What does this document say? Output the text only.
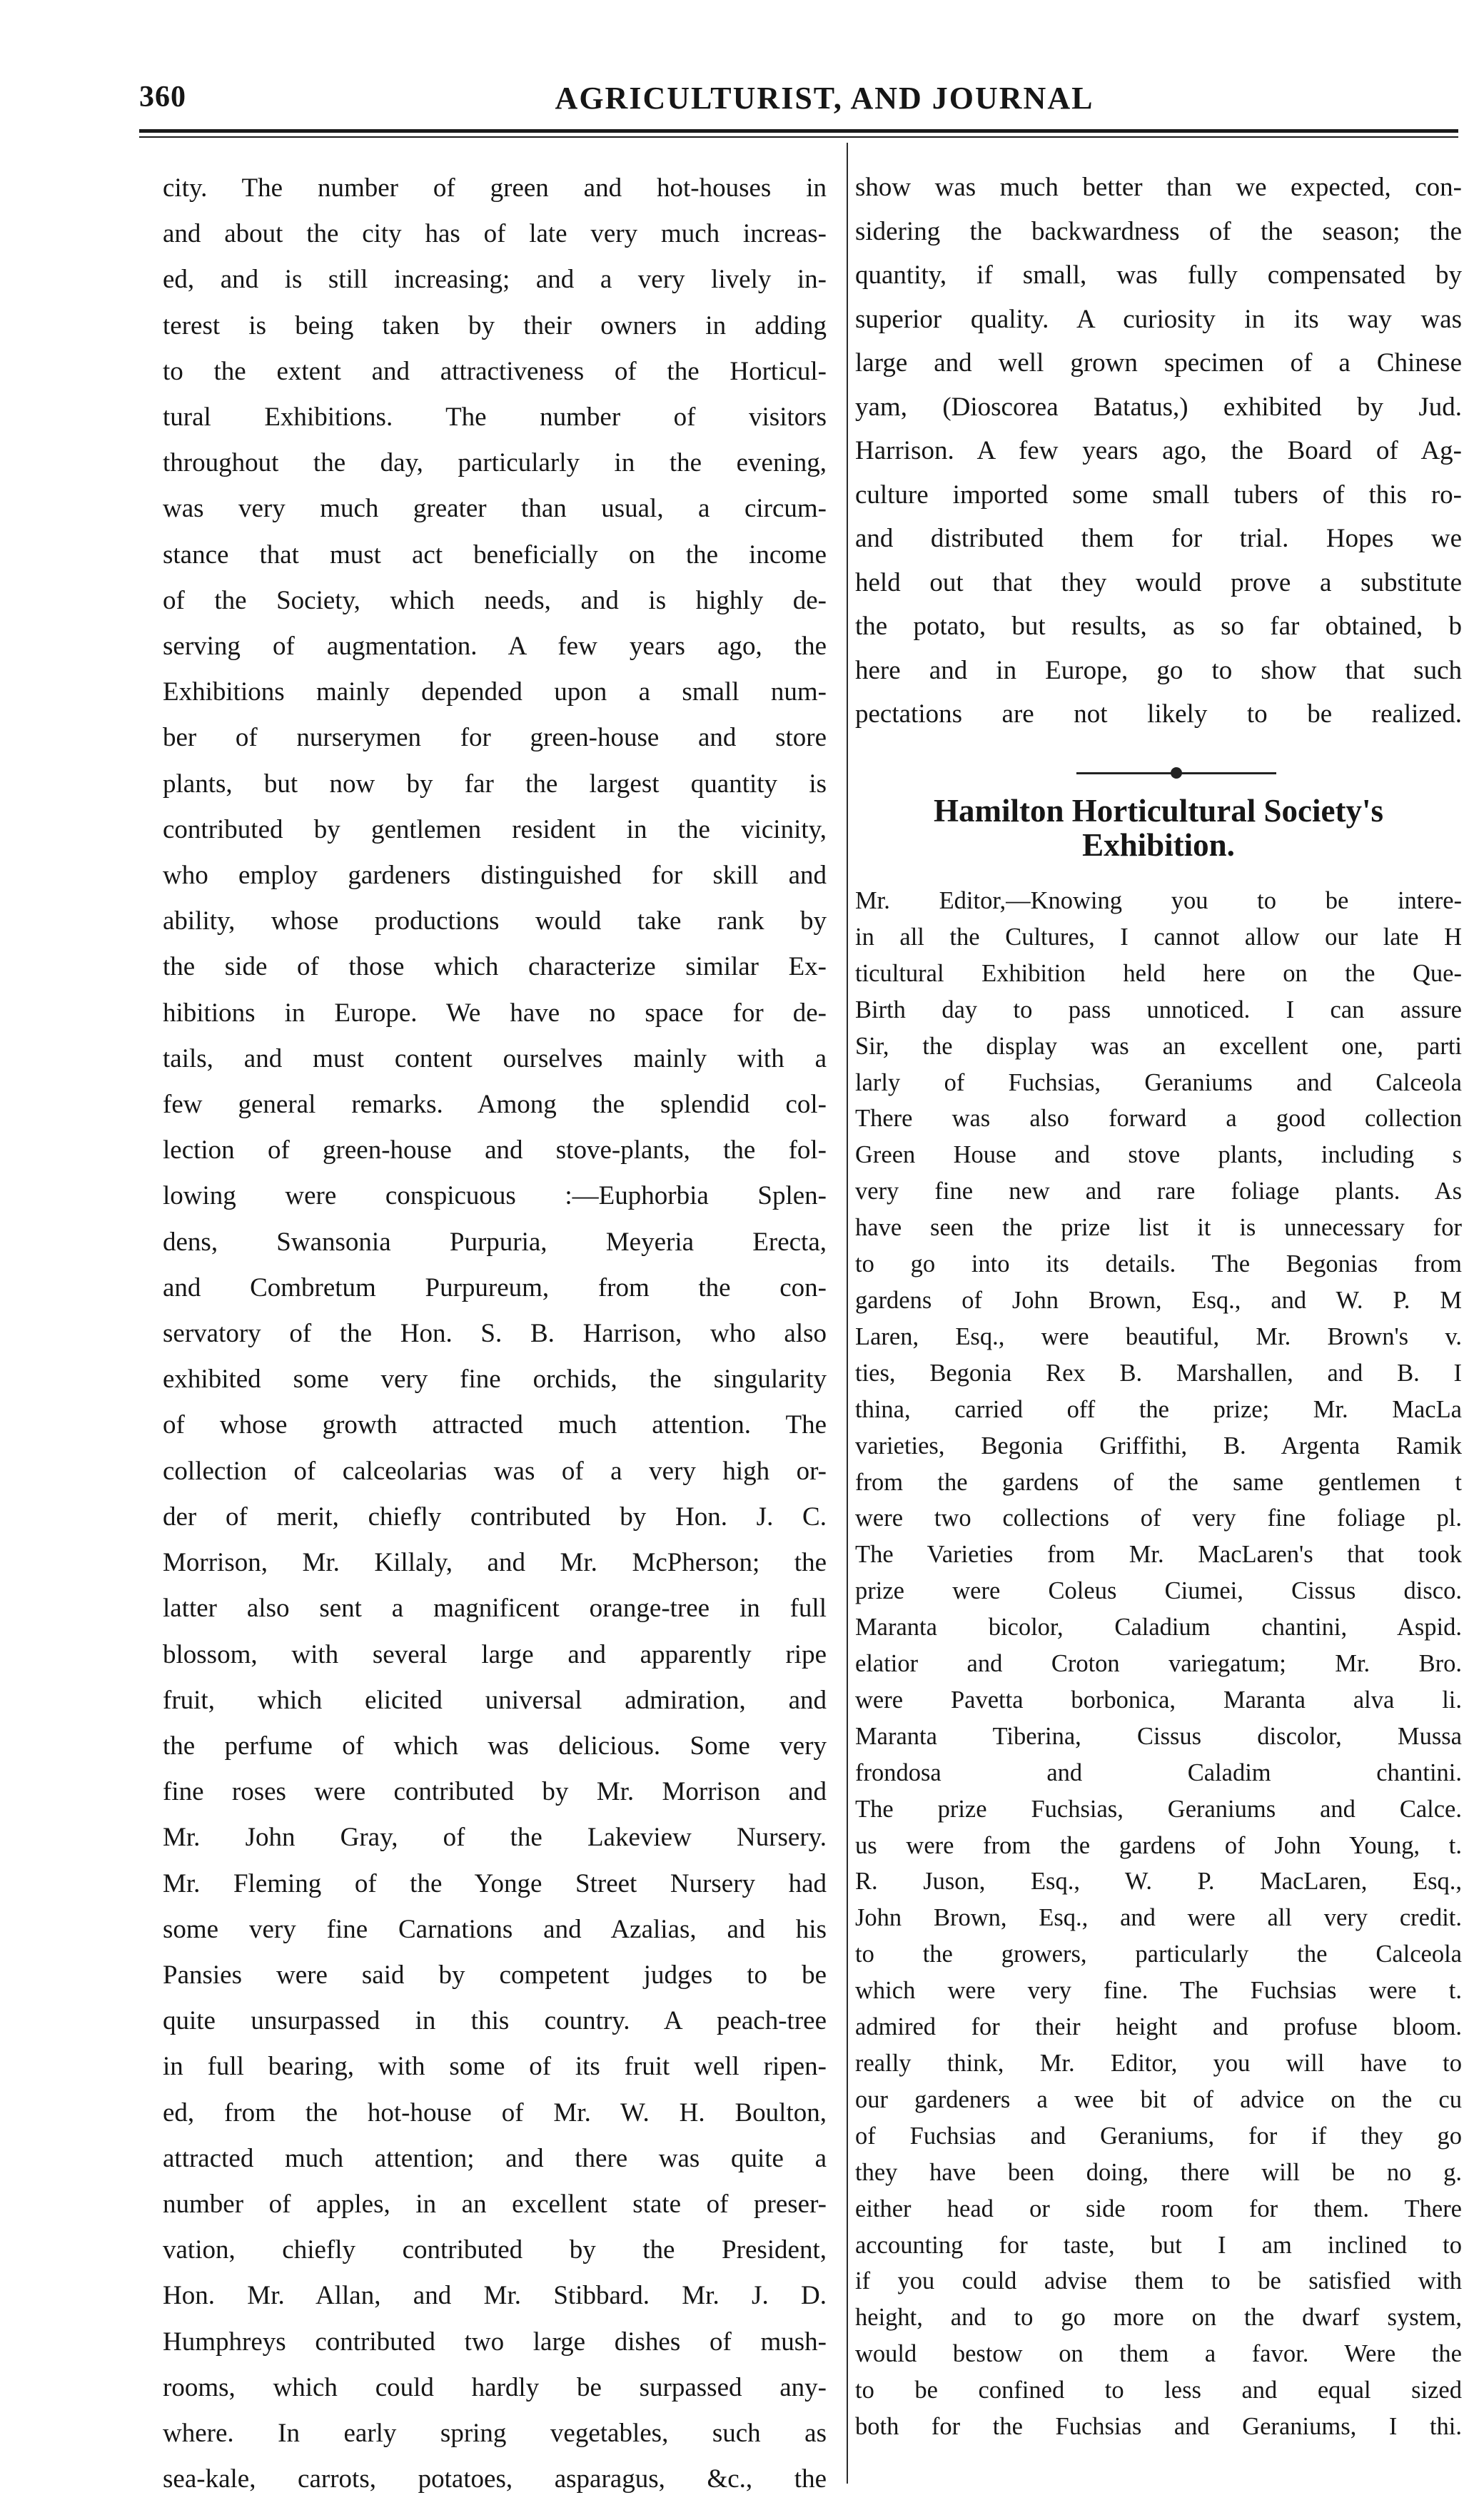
360	AGRICULTURIST, AND JOURNAL

city. The number of green and hot-houses in

and about the city has of late very much increas-

ed, and is still increasing; and a very lively in-

terest is being taken by their owners in adding

to the extent and attractiveness of the Horticul-

tural Exhibitions. The number of visitors

throughout the day, particularly in the evening,

was very much greater than usual, a circum-

stance that must act beneficially on the income

of the Society, which needs, and is highly de-

serving of augmentation. A few years ago, the

Exhibitions mainly depended upon a small num-

ber of nurserymen for green-house and store

plants, but now by far the largest quantity is

contributed by gentlemen resident in the vicinity,

who employ gardeners distinguished for skill and

ability, whose productions would take rank by

the side of those which characterize similar Ex-

hibitions in Europe. We have no space for de-

tails, and must content ourselves mainly with a

few general remarks. Among the splendid col-

lection of green-house and stove-plants, the fol-

lowing were conspicuous :—Euphorbia Splen-

dens, Swansonia Purpuria, Meyeria Erecta,

and Combretum Purpureum, from the con-

servatory of the Hon. S. B. Harrison, who also

exhibited some very fine orchids, the singularity

of whose growth attracted much attention. The

collection of calceolarias was of a very high or-

der of merit, chiefly contributed by Hon. J. C.

Morrison, Mr. Killaly, and Mr. McPherson; the

latter also sent a magnificent orange-tree in full

blossom, with several large and apparently ripe

fruit, which elicited universal admiration, and

the perfume of which was delicious. Some very

fine roses were contributed by Mr. Morrison and

Mr. John Gray, of the Lakeview Nursery.

Mr. Fleming of the Yonge Street Nursery had

some very fine Carnations and Azalias, and his

Pansies were said by competent judges to be

quite unsurpassed in this country. A peach-tree

in full bearing, with some of its fruit well ripen-

ed, from the hot-house of Mr. W. H. Boulton,

attracted much attention; and there was quite a

number of apples, in an excellent state of preser-

vation, chiefly contributed by the President,

Hon. Mr. Allan, and Mr. Stibbard. Mr. J. D.

Humphreys contributed two large dishes of mush-

rooms, which could hardly be surpassed any-

where. In early spring vegetables, such as

sea-kale, carrots, potatoes, asparagus, &c., the

show was much better than we expected, con-

sidering the backwardness of the season; the

quantity, if small, was fully compensated by

superior quality. A curiosity in its way was

large and well grown specimen of a Chinese

yam, (Dioscorea Batatus,) exhibited by Jud.

Harrison. A few years ago, the Board of Ag-

culture imported some small tubers of this ro-

and distributed them for trial. Hopes we

held out that they would prove a substitute

the potato, but results, as so far obtained, b

here and in Europe, go to show that such

pectations are not likely to be realized.

Hamilton Horticultural Society's
Exhibition.

Mr. Editor,—Knowing you to be intere-

in all the Cultures, I cannot allow our late H

ticultural Exhibition held here on the Que-

Birth day to pass unnoticed. I can assure

Sir, the display was an excellent one, parti

larly of Fuchsias, Geraniums and Calceola

There was also forward a good collection

Green House and stove plants, including s

very fine new and rare foliage plants. As

have seen the prize list it is unnecessary for

to go into its details. The Begonias from

gardens of John Brown, Esq., and W. P. M

Laren, Esq., were beautiful, Mr. Brown's v.

ties, Begonia Rex B. Marshallen, and B. I

thina, carried off the prize; Mr. MacLa

varieties, Begonia Griffithi, B. Argenta Ramik

from the gardens of the same gentlemen t

were two collections of very fine foliage pl.

The Varieties from Mr. MacLaren's that took

prize were Coleus Ciumei, Cissus disco.

Maranta bicolor, Caladium chantini, Aspid.

elatior and Croton variegatum; Mr. Bro.

were Pavetta borbonica, Maranta alva li.

Maranta Tiberina, Cissus discolor, Mussa

frondosa and Caladim chantini.

The prize Fuchsias, Geraniums and Calce.

us were from the gardens of John Young, t.

R. Juson, Esq., W. P. MacLaren, Esq.,

John Brown, Esq., and were all very credit.

to the growers, particularly the Calceola

which were very fine. The Fuchsias were t.

admired for their height and profuse bloom.

really think, Mr. Editor, you will have to

our gardeners a wee bit of advice on the cu

of Fuchsias and Geraniums, for if they go

they have been doing, there will be no g.

either head or side room for them. There

accounting for taste, but I am inclined to

if you could advise them to be satisfied with

height, and to go more on the dwarf system,

would bestow on them a favor. Were the

to be confined to less and equal sized

both for the Fuchsias and Geraniums, I thi.
